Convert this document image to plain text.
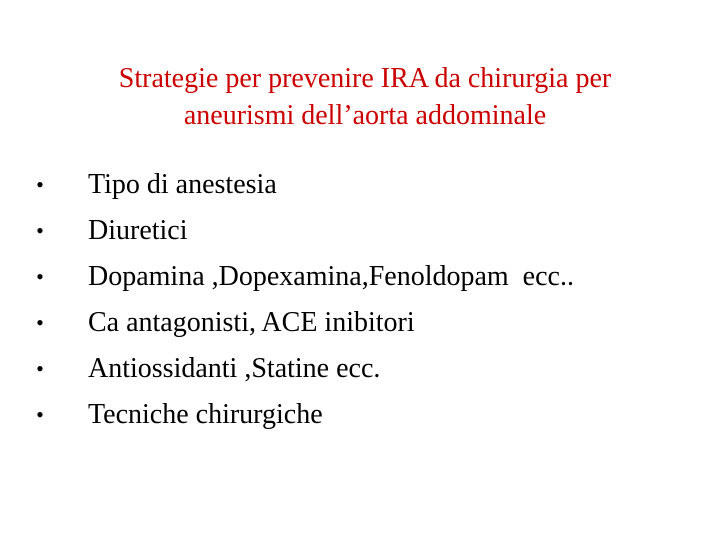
Strategie per prevenire IRA da chirurgia per
aneurismi dell’aorta addominale

•

Tipo di anestesia

•

Diuretici

•

Dopamina ,Dopexamina,Fenoldopam  ecc..

•

Ca antagonisti, ACE inibitori

•

Antiossidanti ,Statine ecc.

•

Tecniche chirurgiche
